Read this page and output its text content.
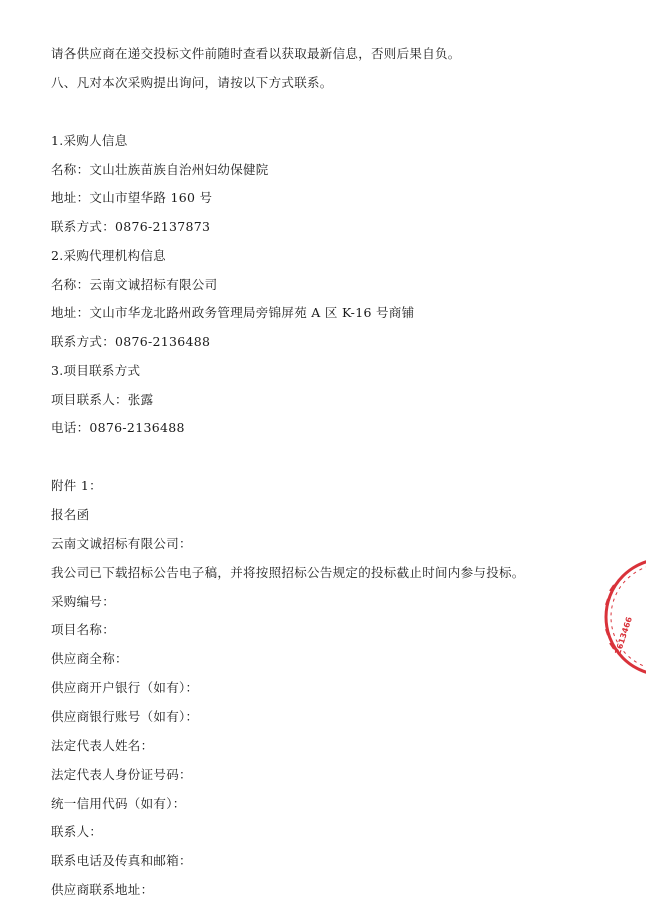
请各供应商在递交投标文件前随时查看以获取最新信息，否则后果自负。
八、凡对本次采购提出询问，请按以下方式联系。
1.采购人信息
名称：文山壮族苗族自治州妇幼保健院
地址：文山市望华路 160 号
联系方式：0876-2137873
2.采购代理机构信息
名称：云南文诚招标有限公司
地址：文山市华龙北路州政务管理局旁锦屏苑 A 区 K-16 号商铺
联系方式：0876-2136488
3.项目联系方式
项目联系人：张露
电话：0876-2136488
附件 1：
报名函
云南文诚招标有限公司：
我公司已下载招标公告电子稿，并将按照招标公告规定的投标截止时间内参与投标。
采购编号：
项目名称：
供应商全称：
供应商开户银行（如有）：
供应商银行账号（如有）：
法定代表人姓名：
法定代表人身份证号码：
统一信用代码（如有）：
联系人：
联系电话及传真和邮箱：
供应商联系地址：
2613466
